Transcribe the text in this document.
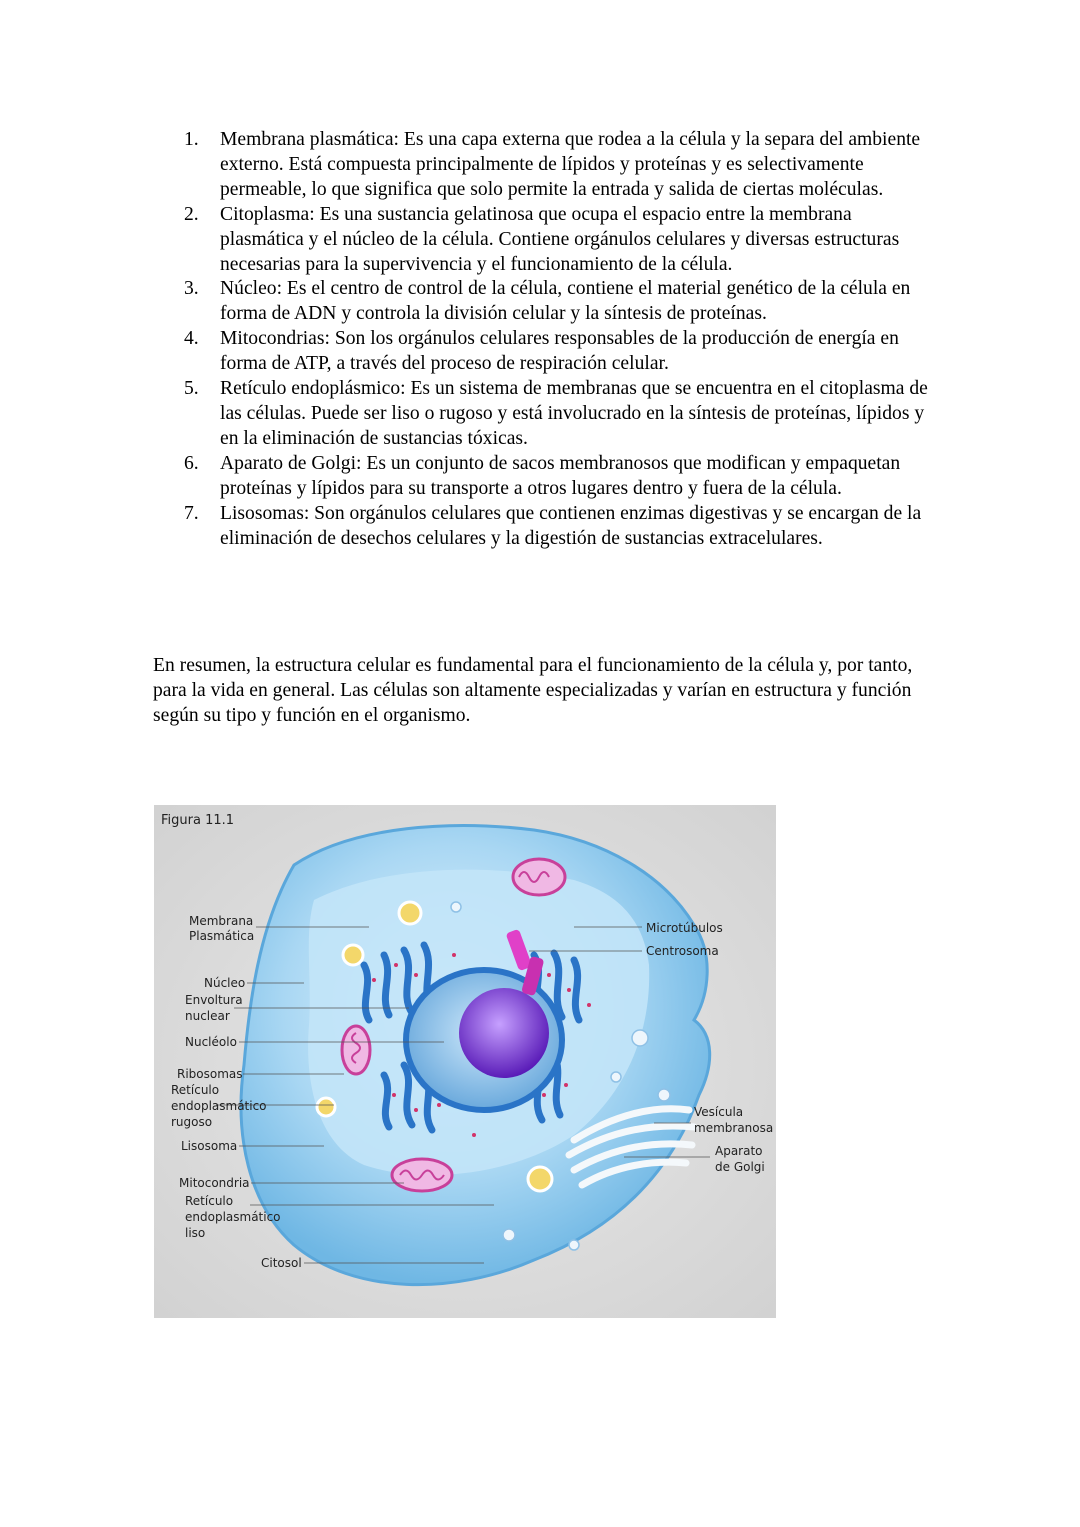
1. Membrana plasmática: Es una capa externa que rodea a la célula y la separa del ambiente externo. Está compuesta principalmente de lípidos y proteínas y es selectivamente permeable, lo que significa que solo permite la entrada y salida de ciertas moléculas.
2. Citoplasma: Es una sustancia gelatinosa que ocupa el espacio entre la membrana plasmática y el núcleo de la célula. Contiene orgánulos celulares y diversas estructuras necesarias para la supervivencia y el funcionamiento de la célula.
3. Núcleo: Es el centro de control de la célula, contiene el material genético de la célula en forma de ADN y controla la división celular y la síntesis de proteínas.
4. Mitocondrias: Son los orgánulos celulares responsables de la producción de energía en forma de ATP, a través del proceso de respiración celular.
5. Retículo endoplásmico: Es un sistema de membranas que se encuentra en el citoplasma de las células. Puede ser liso o rugoso y está involucrado en la síntesis de proteínas, lípidos y en la eliminación de sustancias tóxicas.
6. Aparato de Golgi: Es un conjunto de sacos membranosos que modifican y empaquetan proteínas y lípidos para su transporte a otros lugares dentro y fuera de la célula.
7. Lisosomas: Son orgánulos celulares que contienen enzimas digestivas y se encargan de la eliminación de desechos celulares y la digestión de sustancias extracelulares.

En resumen, la estructura celular es fundamental para el funcionamiento de la célula y, por tanto, para la vida en general. Las células son altamente especializadas y varían en estructura y función según su tipo y función en el organismo.

Figura 11.1
Membrana
Plasmática
Núcleo
Envoltura
nuclear
Nucléolo
Ribosomas
Retículo
endoplasmático
rugoso
Lisosoma
Mitocondria
Retículo
endoplasmático
liso
Citosol
Microtúbulos
Centrosoma
Vesícula
membranosa
Aparato
de Golgi
